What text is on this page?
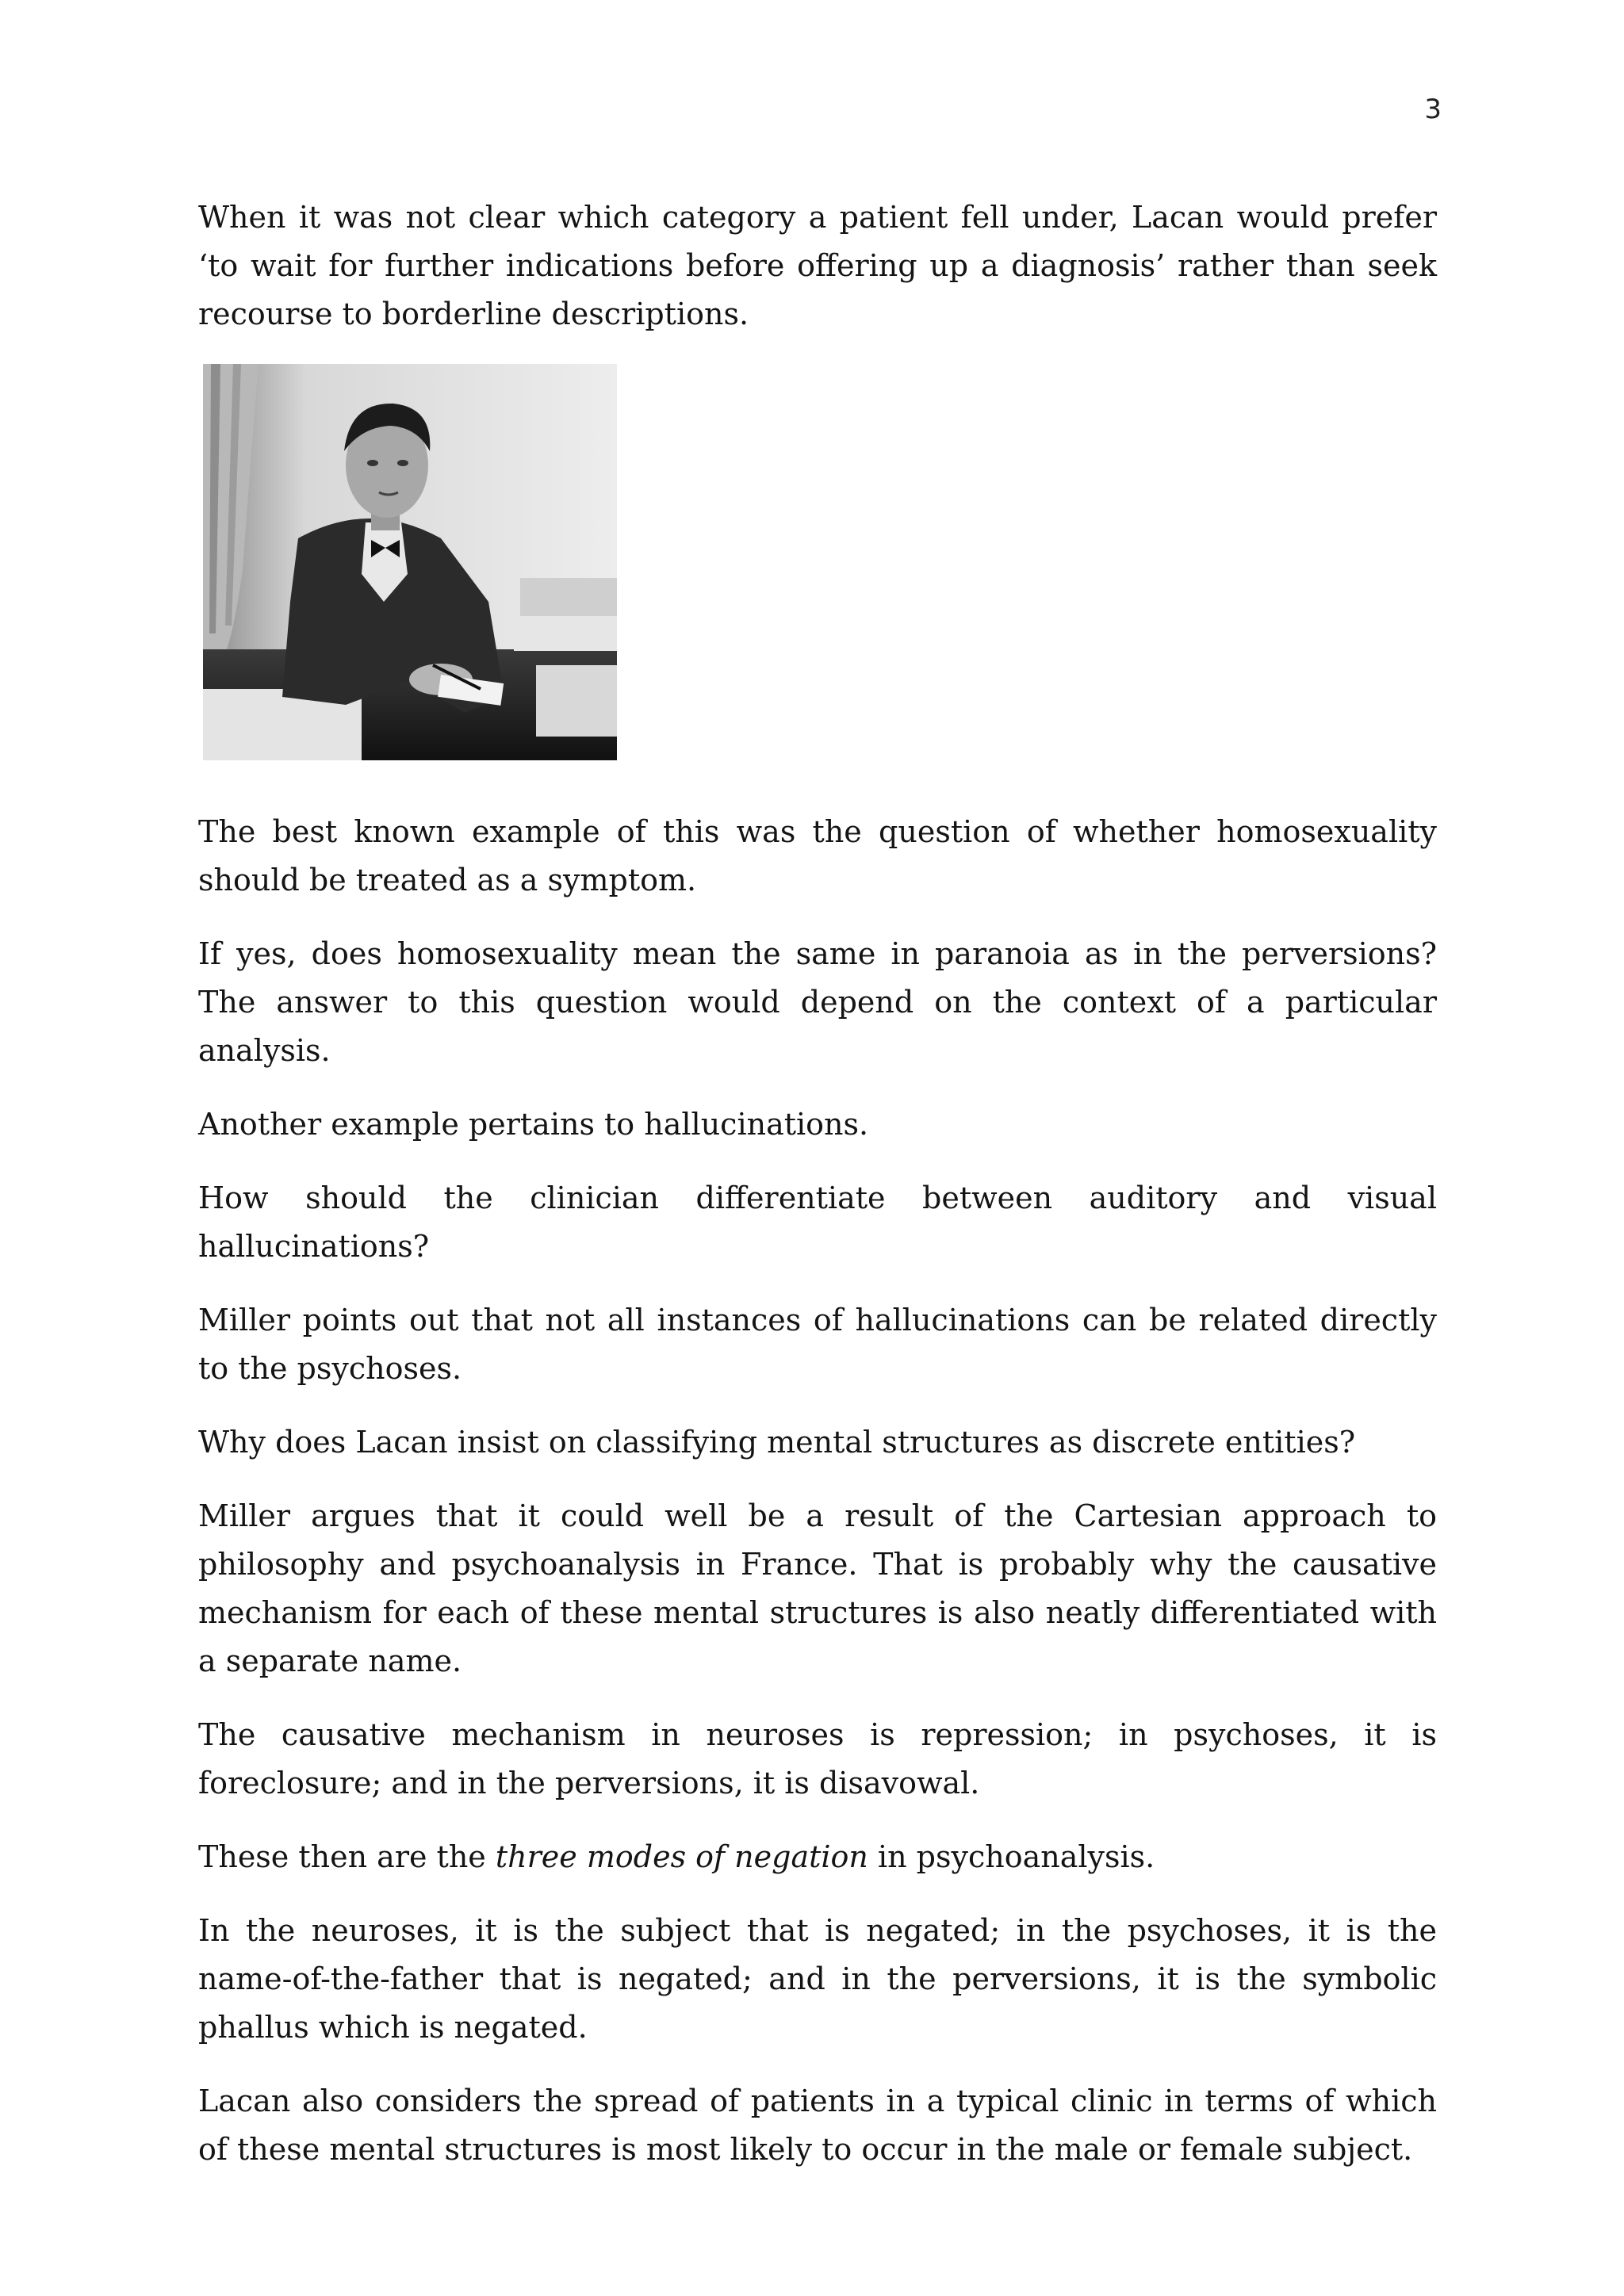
3

When it was not clear which category a patient fell under, Lacan would prefer ‘to wait for further indications before offering up a diagnosis’ rather than seek recourse to borderline descriptions.

The best known example of this was the question of whether homosexuality should be treated as a symptom.

If yes, does homosexuality mean the same in paranoia as in the perversions? The answer to this question would depend on the context of a particular analysis.

Another example pertains to hallucinations.

How should the clinician differentiate between auditory and visual hallucinations?

Miller points out that not all instances of hallucinations can be related directly to the psychoses.

Why does Lacan insist on classifying mental structures as discrete entities?

Miller argues that it could well be a result of the Cartesian approach to philosophy and psychoanalysis in France. That is probably why the causative mechanism for each of these mental structures is also neatly differentiated with a separate name.

The causative mechanism in neuroses is repression; in psychoses, it is foreclosure; and in the perversions, it is disavowal.

These then are the three modes of negation in psychoanalysis.

In the neuroses, it is the subject that is negated; in the psychoses, it is the name-of-the-father that is negated; and in the perversions, it is the symbolic phallus which is negated.

Lacan also considers the spread of patients in a typical clinic in terms of which of these mental structures is most likely to occur in the male or female subject.
